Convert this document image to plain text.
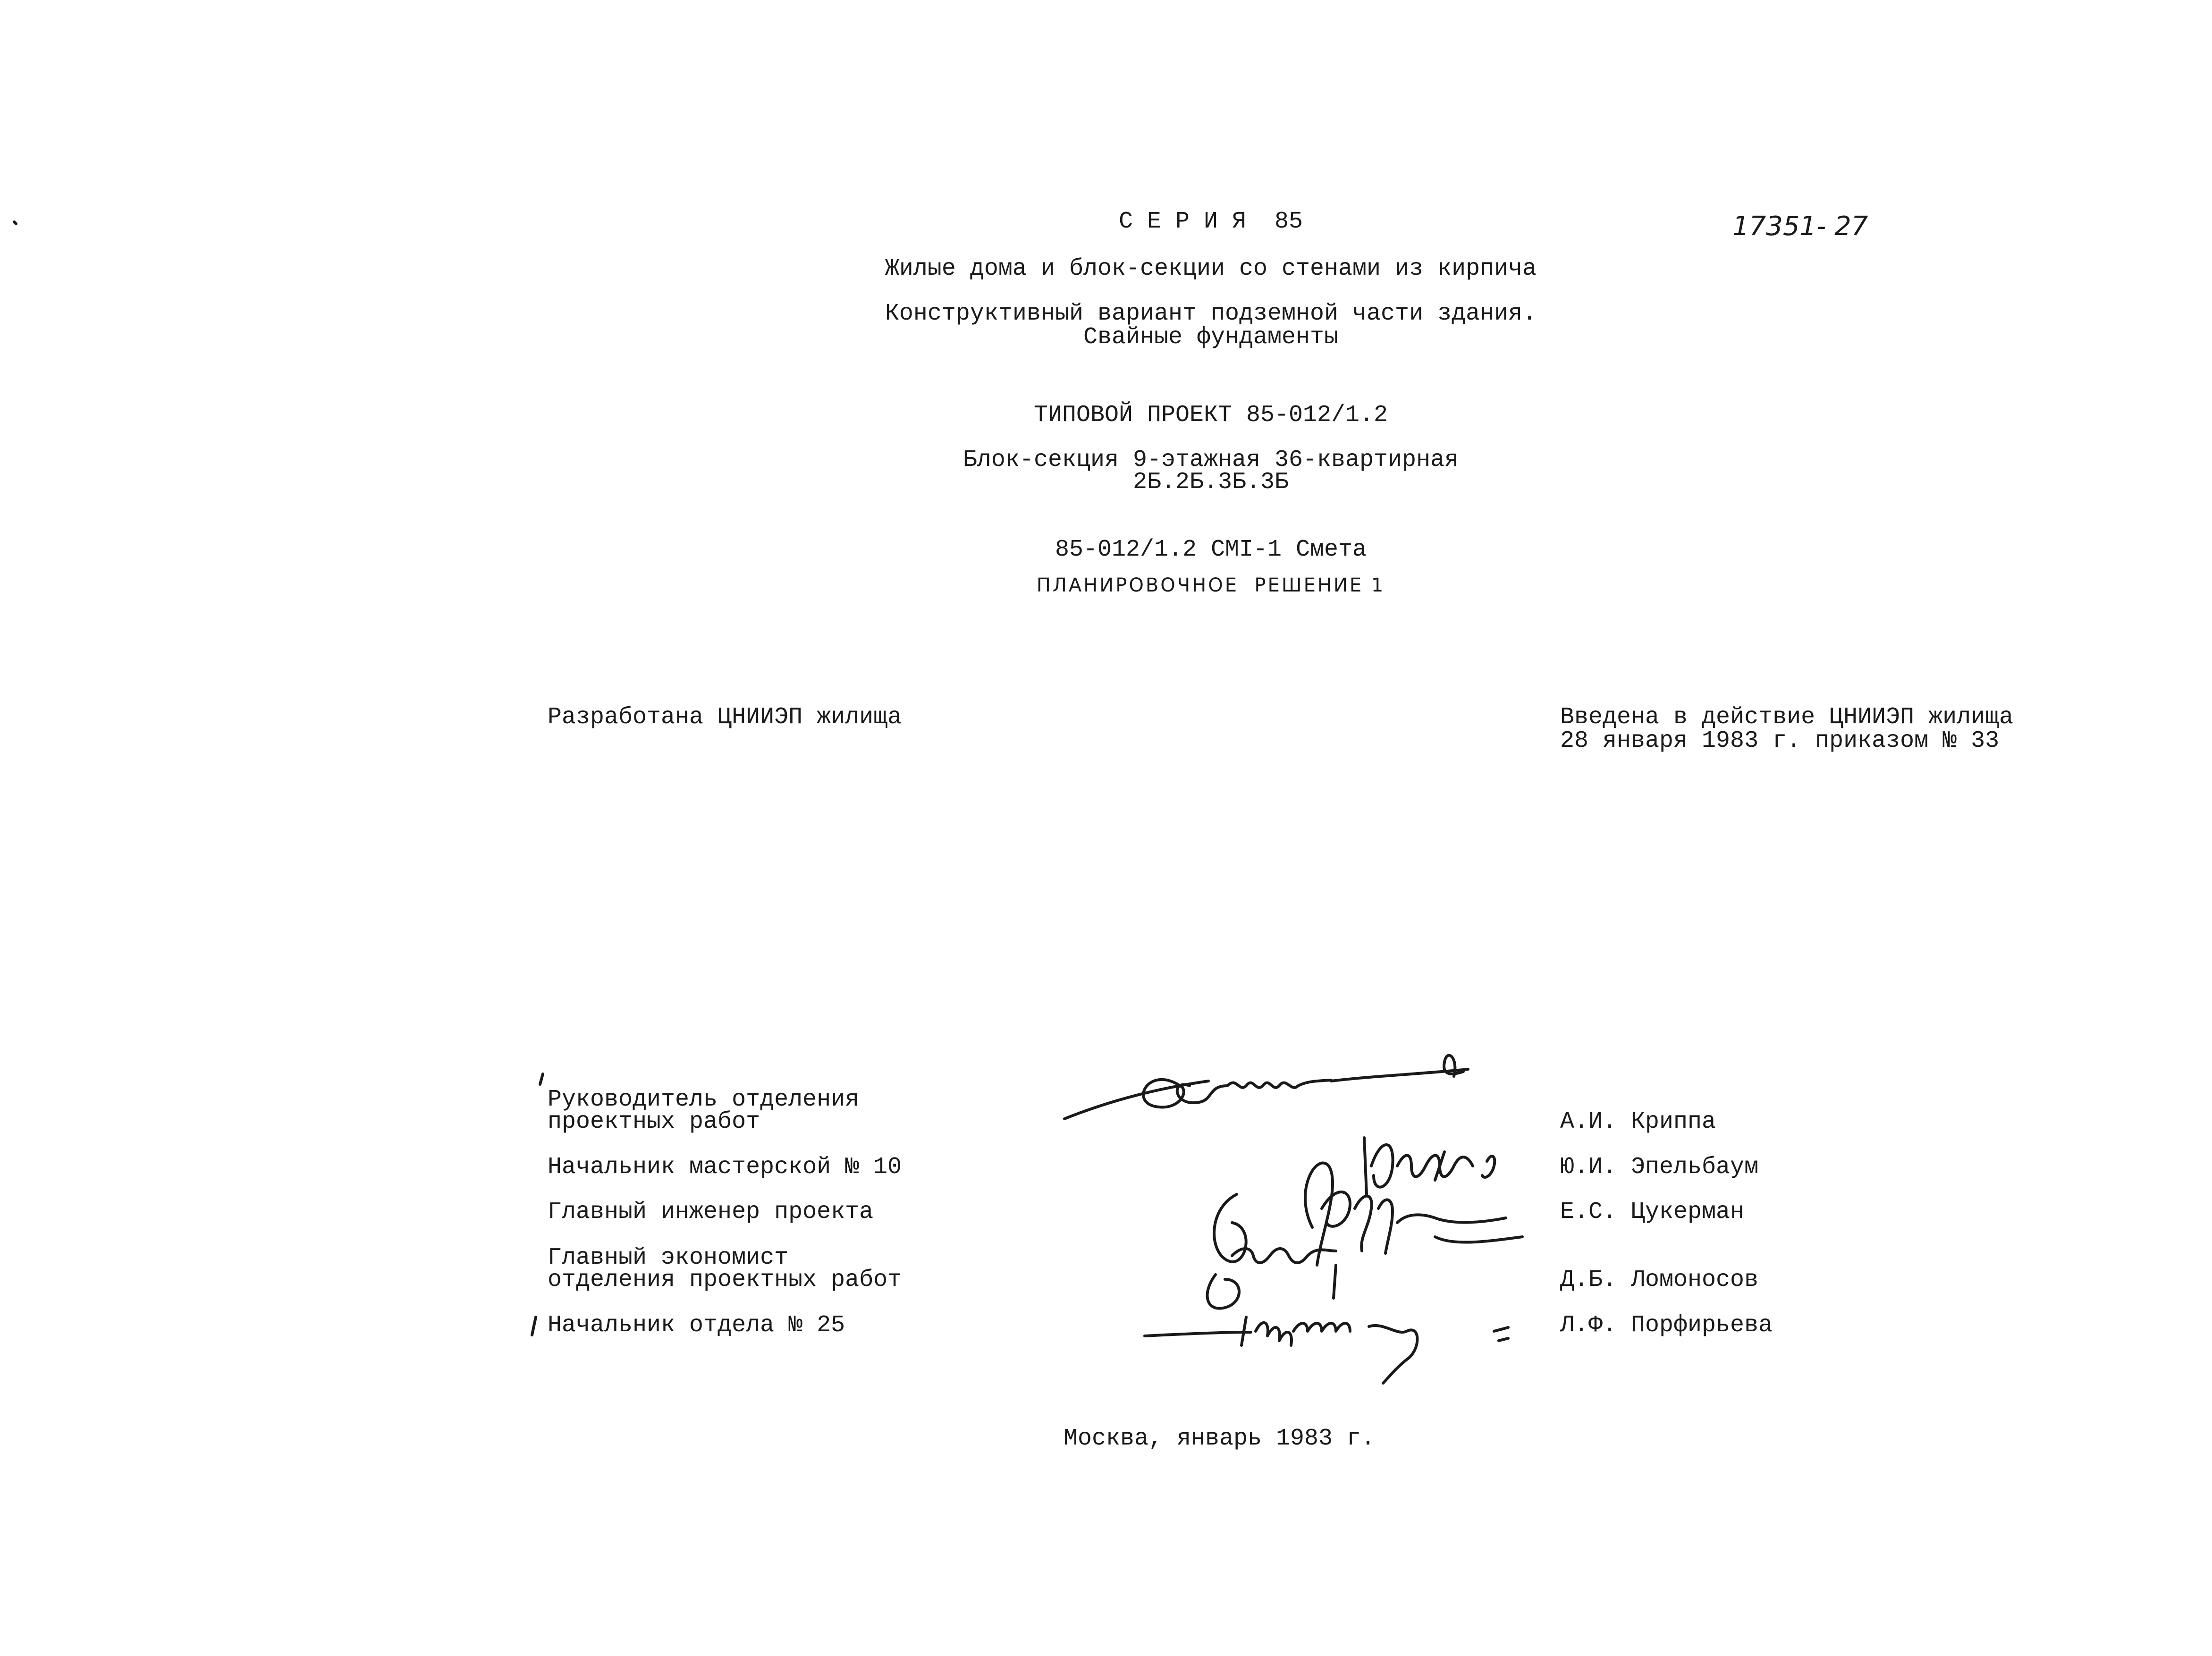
С Е Р И Я  85	17351- 27
Жилые дома и блок-секции со стенами из кирпича
Конструктивный вариант подземной части здания.
Свайные фундаменты
ТИПОВОЙ ПРОЕКТ 85-012/1.2
Блок-секция 9-этажная 36-квартирная
2Б.2Б.3Б.3Б
85-012/1.2 СМI-1 Смета
ПЛАНИРОВОЧНОЕ  РЕШЕНИЕ 1
Разработана ЦНИИЭП жилища	Введена в действие ЦНИИЭП жилища
28 января 1983 г. приказом № 33
Руководитель отделения
проектных работ
Начальник мастерской № 10
Главный инженер проекта
Главный экономист
отделения проектных работ
Начальник отдела № 25
А.И. Криппа
Ю.И. Эпельбаум
Е.С. Цукерман
Д.Б. Ломоносов
Л.Ф. Порфирьева
Москва, январь 1983 г.
